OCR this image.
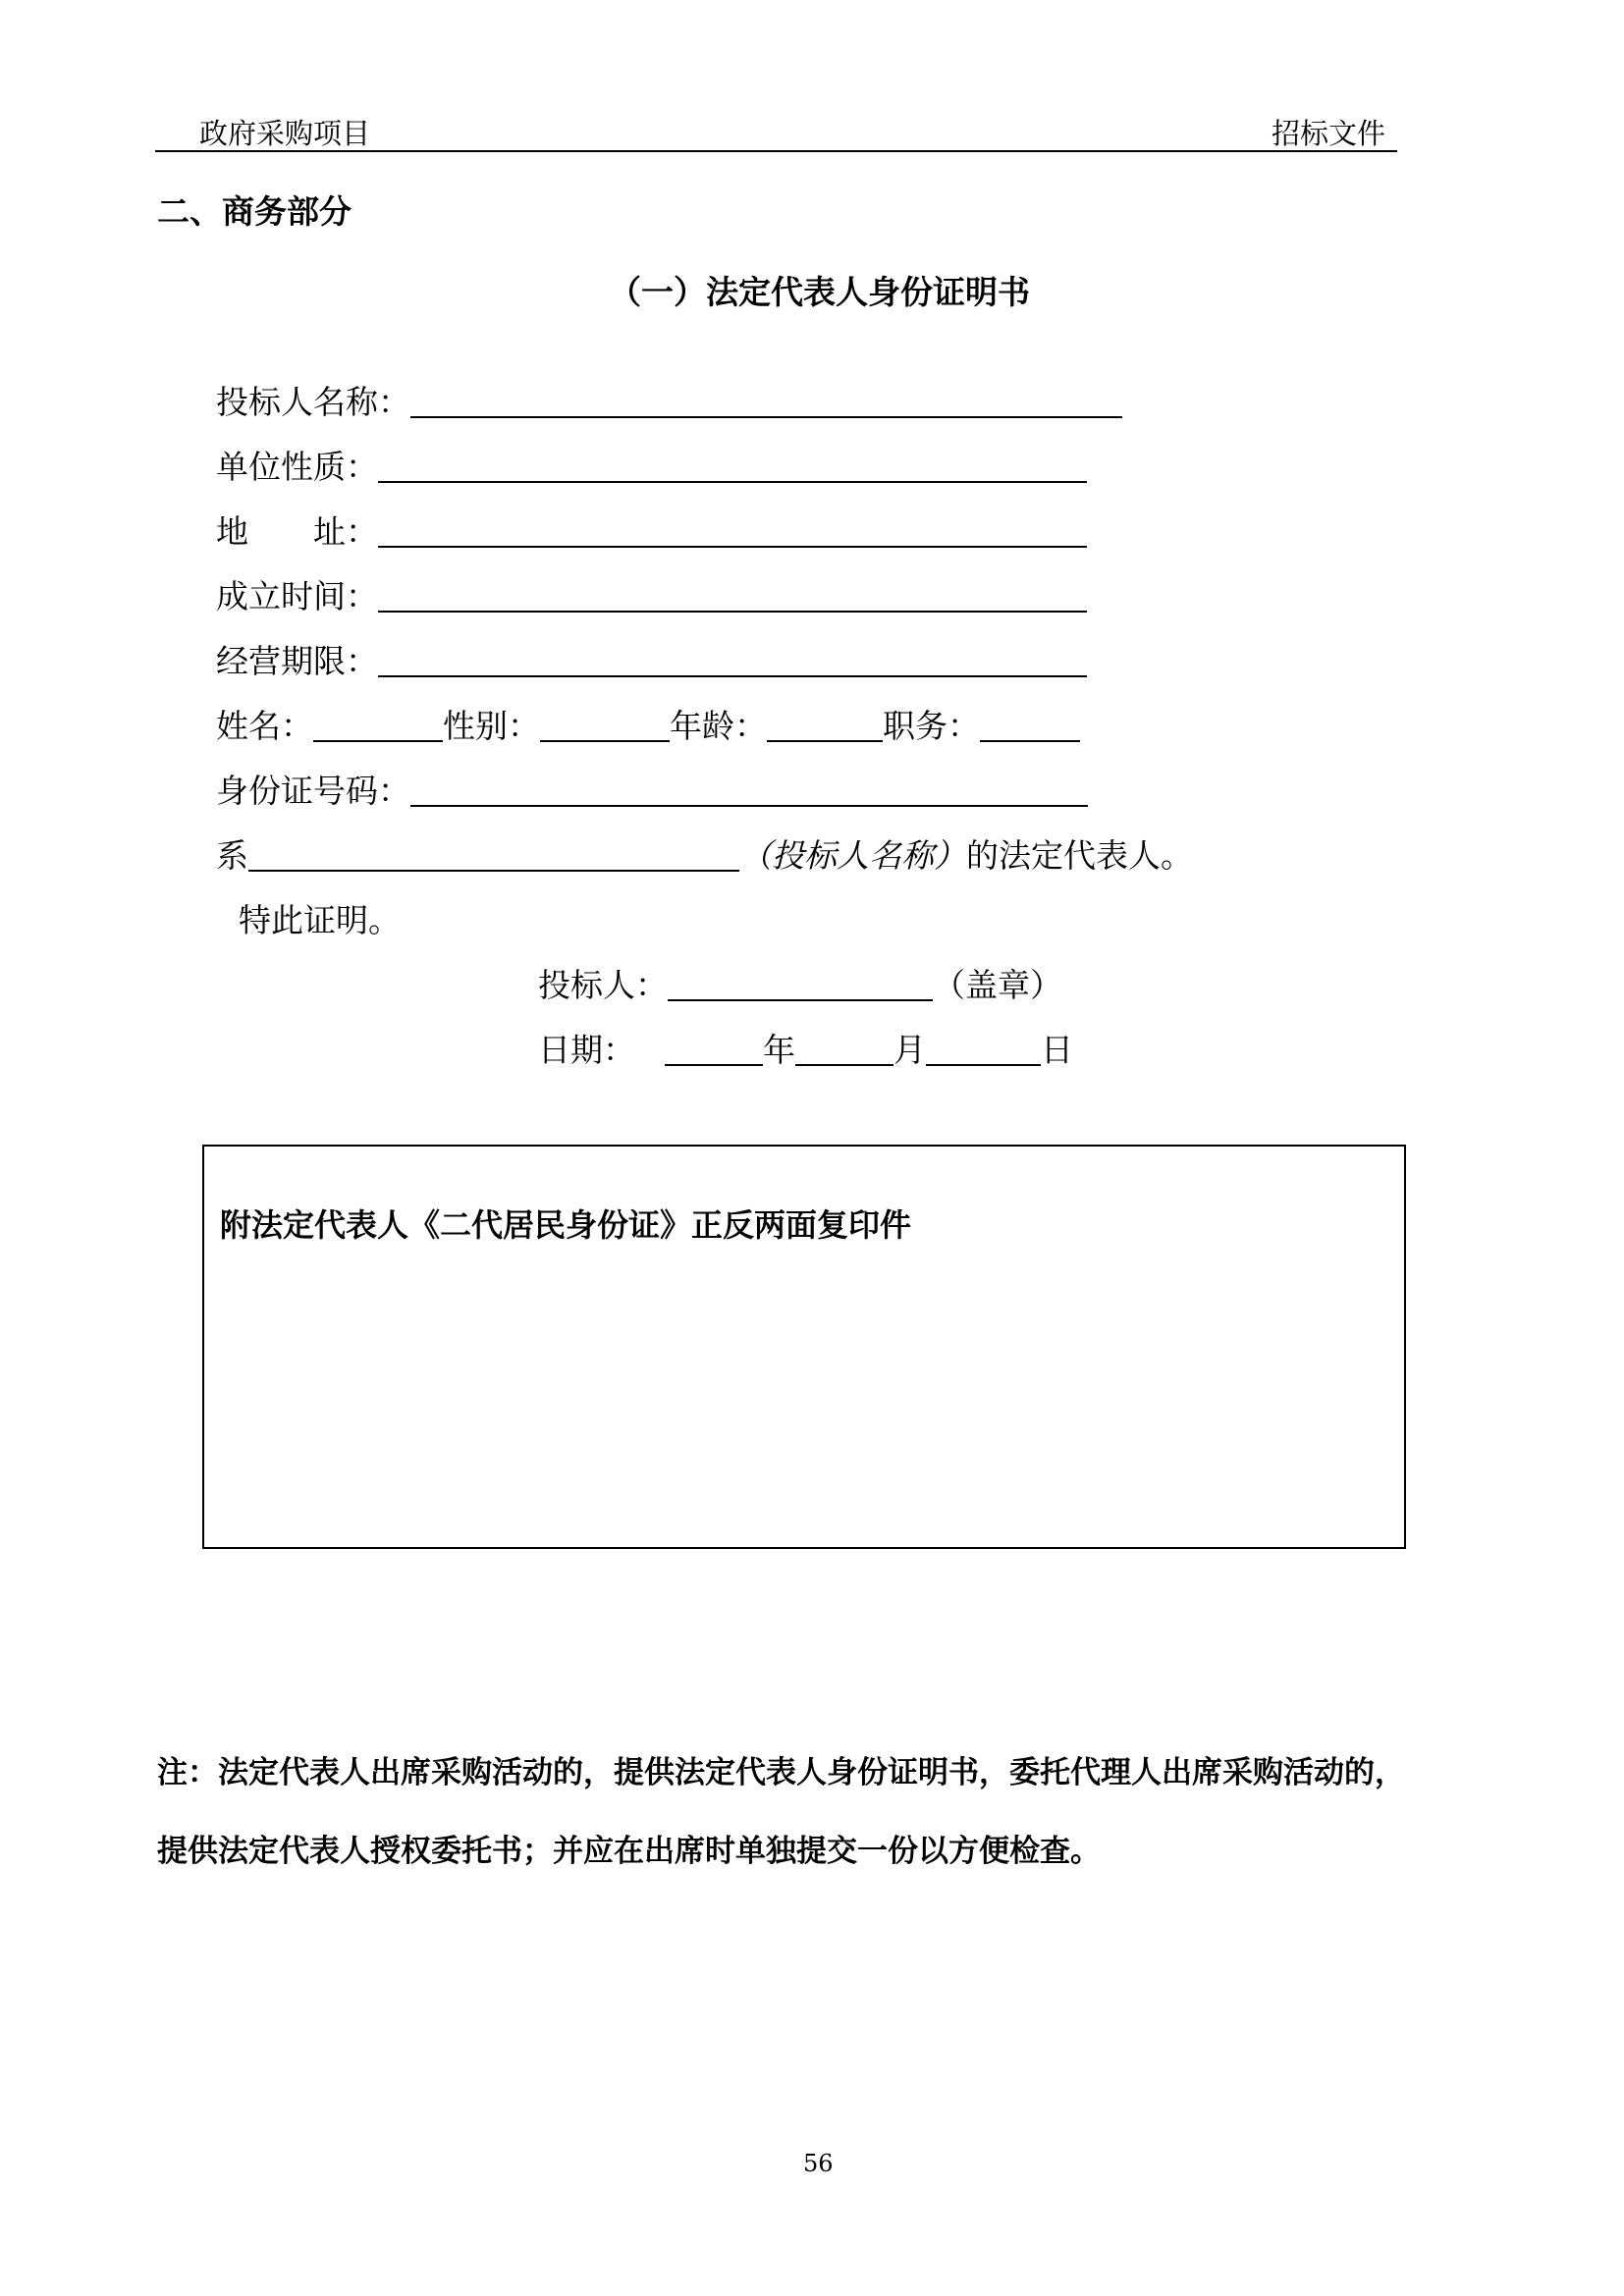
政府采购项目	招标文件
二、商务部分
（一）法定代表人身份证明书
投标人名称：
单位性质：
地　　址：
成立时间：
经营期限：
姓名：	性别：	年龄：	职务：
身份证号码：
系	（投标人名称） 的法定代表人。
特此证明。
投标人：	（盖章）
日期：	年	月	日
附法定代表人《二代居民身份证》正反两面复印件
注：法定代表人出席采购活动的，提供法定代表人身份证明书，委托代理人出席采购活动的，
提供法定代表人授权委托书；并应在出席时单独提交一份以方便检查。
56
